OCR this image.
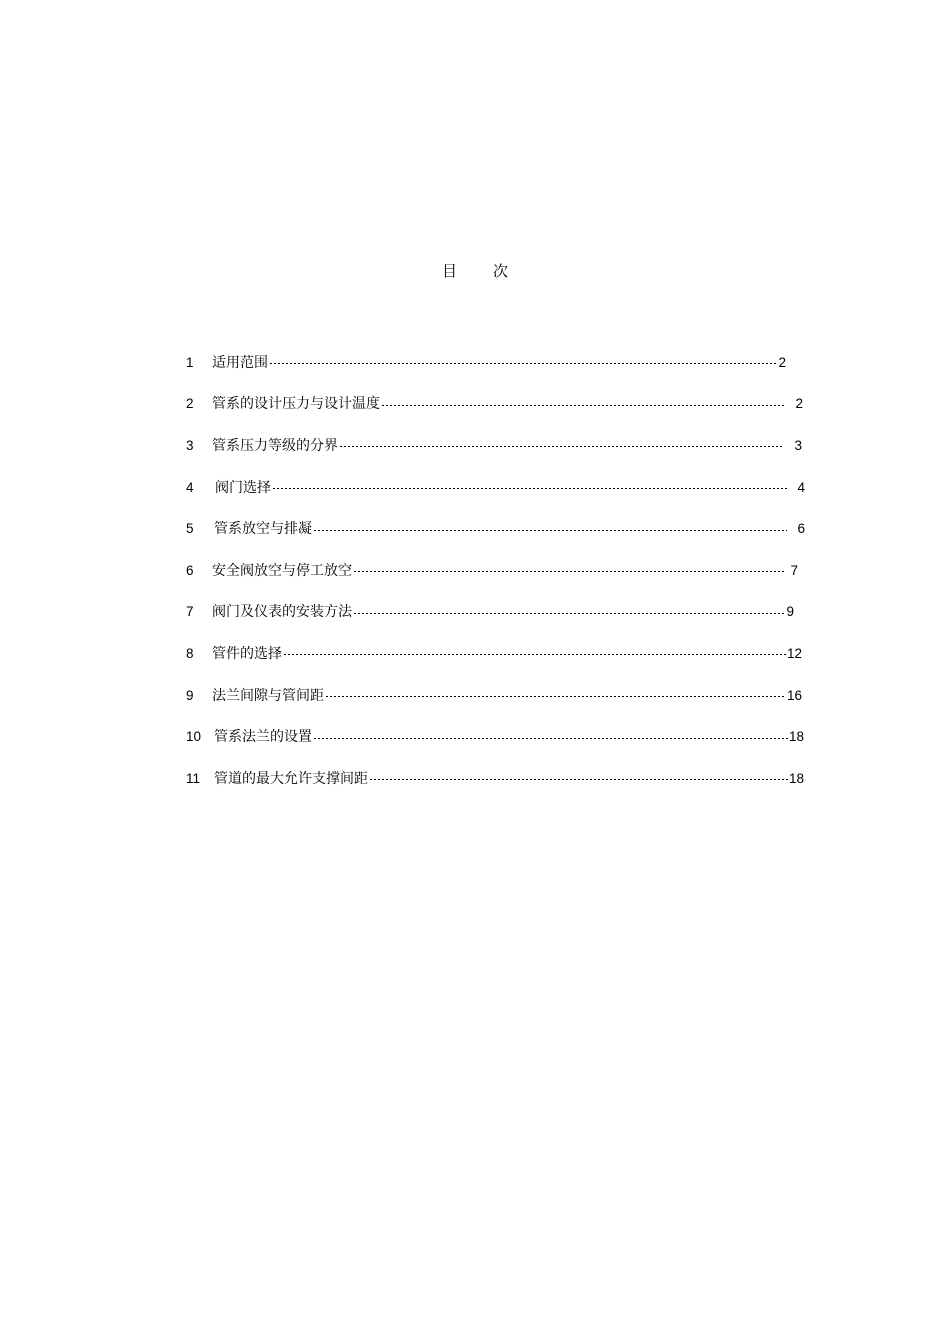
目次
1	适用范围	2
2	管系的设计压力与设计温度	2
3	管系压力等级的分界	3
4	阀门选择	4
5	管系放空与排凝	6
6	安全阀放空与停工放空	7
7	阀门及仪表的安装方法	9
8	管件的选择	12
9	法兰间隙与管间距	16
10 管系法兰的设置	18
11 管道的最大允许支撑间距	18
